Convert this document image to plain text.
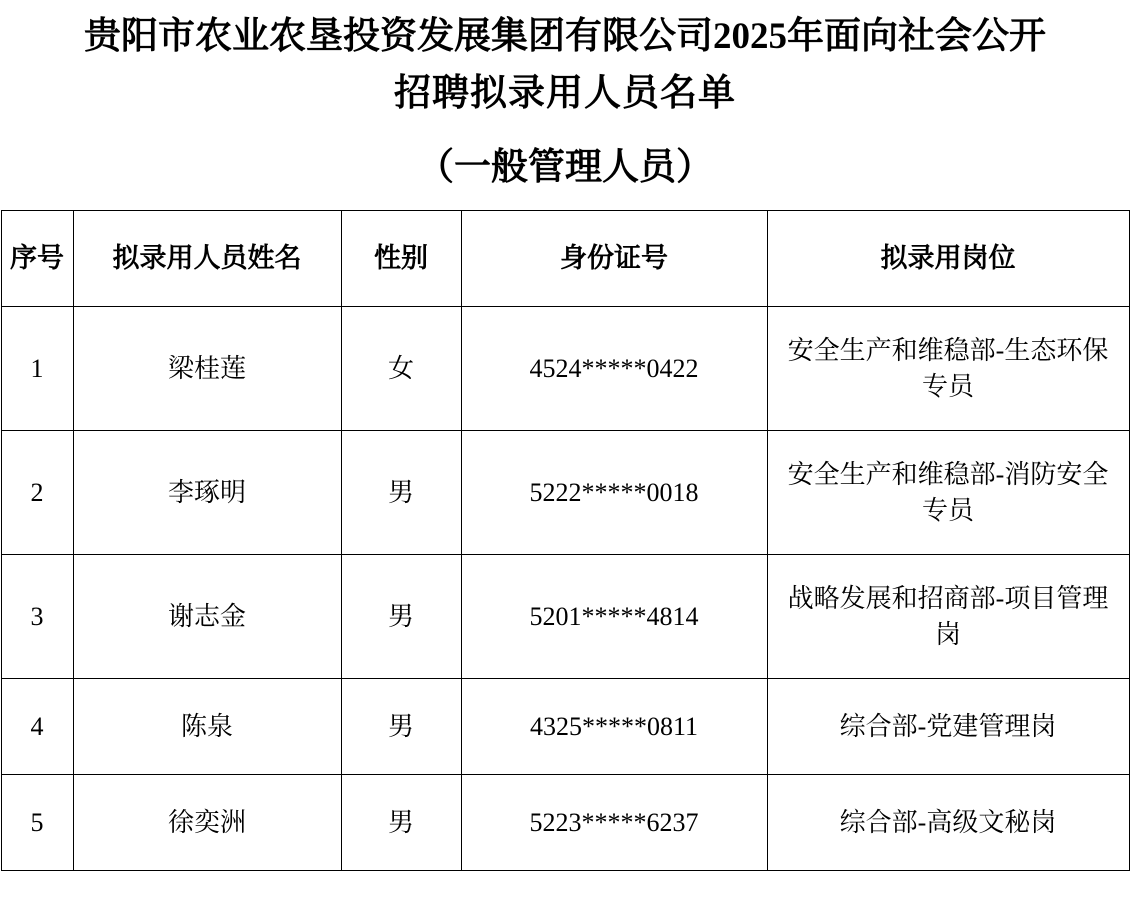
贵阳市农业农垦投资发展集团有限公司2025年面向社会公开
招聘拟录用人员名单
（一般管理人员）
序号	拟录用人员姓名	性别	身份证号	拟录用岗位
1	梁桂莲	女	4524*****0422	安全生产和维稳部-生态环保专员
2	李琢明	男	5222*****0018	安全生产和维稳部-消防安全专员
3	谢志金	男	5201*****4814	战略发展和招商部-项目管理岗
4	陈泉	男	4325*****0811	综合部-党建管理岗
5	徐奕洲	男	5223*****6237	综合部-高级文秘岗
